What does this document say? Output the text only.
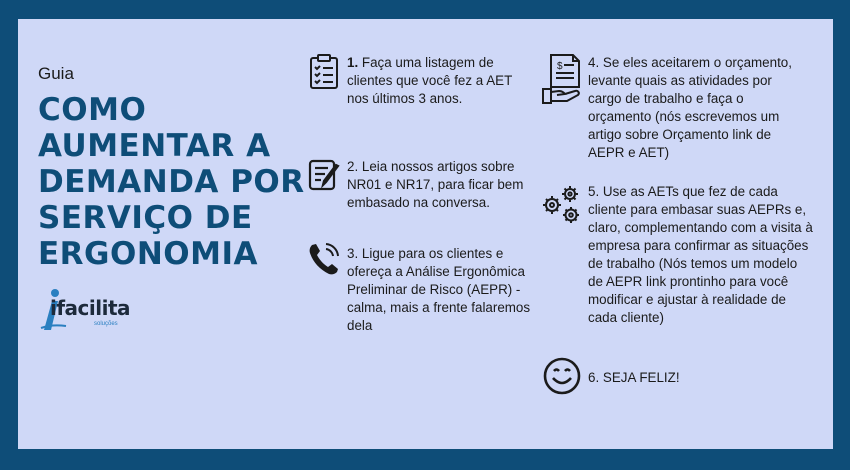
Guia
COMO
AUMENTAR A
DEMANDA POR
SERVIÇO DE
ERGONOMIA
ifacilita
soluções
1. Faça uma listagem de clientes que você fez a AET nos últimos 3 anos.
2. Leia nossos artigos sobre NR01 e NR17, para ficar bem embasado na conversa.
3. Ligue para os clientes e ofereça a Análise Ergonômica Preliminar de Risco (AEPR) - calma, mais a frente falaremos dela
$ 4. Se eles aceitarem o orçamento, levante quais as atividades por cargo de trabalho e faça o orçamento (nós escrevemos um artigo sobre Orçamento link de AEPR e AET)
5. Use as AETs que fez de cada cliente para embasar suas AEPRs e, claro, complementando com a visita à empresa para confirmar as situações de trabalho (Nós temos um modelo de AEPR link prontinho para você modificar e ajustar à realidade de cada cliente)
6. SEJA FELIZ!
